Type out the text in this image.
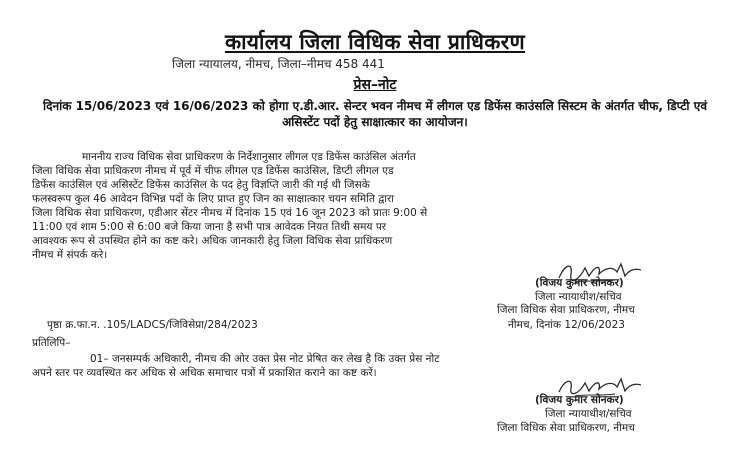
कार्यालय जिला विधिक सेवा प्राधिकरण
जिला न्यायालय, नीमच, जिला–नीमच 458 441
प्रेस–नोट
दिनांक 15/06/2023 एवं 16/06/2023 को होगा ए.डी.आर. सेन्टर भवन नीमच में लीगल एड डिफेंस काउंसलि सिस्टम के अंतर्गत चीफ, डिप्टी एवं असिस्टेंट पदों हेतु साक्षात्कार का आयोजन।
माननीय राज्य विधिक सेवा प्राधिकरण के निर्देशानुसार लीगल एड डिफेंस काउंसिल अंतर्गत
जिला विधिक सेवा प्राधिकरण नीमच में पूर्व में चीफ लीगल एड डिफेंस काउंसिल, डिप्टी लीगल एड
डिफेंस काउंसिल एवं असिस्टेंट डिफेंस काउंसिल के पद हेतु विज्ञप्ति जारी की गई थी जिसके
फलस्वरूप कुल 46 आवेदन विभिन्न पदों के लिए प्राप्त हुए जिन का साक्षात्कार चयन समिति द्वारा
जिला विधिक सेवा प्राधिकरण, एडीआर सेंटर नीमच में दिनांक 15 एवं 16 जून 2023 को प्रातः 9:00 से
11:00 एवं शाम 5:00 से 6:00 बजे किया जाना है सभी पात्र आवेदक नियत तिथी समय पर
आवश्यक रूप से उपस्थित होने का कष्ट करे। अधिक जानकारी हेतु जिला विधिक सेवा प्राधिकरण
नीमच में संपर्क करे।
(विजय कुमार सोनकर)
जिला न्यायाधीश/सचिव
जिला विधिक सेवा प्राधिकरण, नीमच
पृष्ठा क्र.फा.न. .105/LADCS/जिविसेप्रा/284/2023	नीमच, दिनांक 12/06/2023
प्रतिलिपि–
01– जनसम्पर्क अधिकारी, नीमच की ओर उक्त प्रेस नोट प्रेषित कर लेख है कि उक्त प्रेस नोट
अपने स्तर पर व्यवस्थित कर अधिक से अधिक समाचार पत्रों में प्रकाशित कराने का कष्ट करें।
(विजय कुमार सोनकर)
जिला न्यायाधीश/सचिव
जिला विधिक सेवा प्राधिकरण, नीमच
